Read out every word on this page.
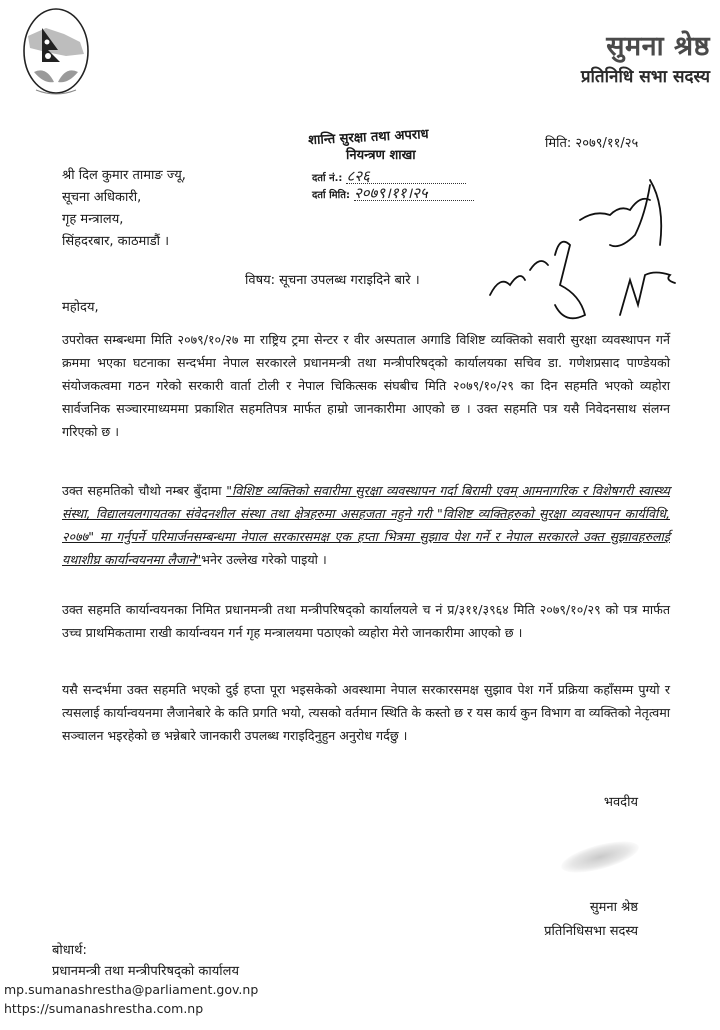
सुमना श्रेष्ठ
प्रतिनिधि सभा सदस्य
शान्ति सुरक्षा तथा अपराध
नियन्त्रण शाखा
दर्ता नं.: ८२६
दर्ता मिति: २०७९।११।२५
मिति: २०७९/११/२५
श्री दिल कुमार तामाङ ज्यू,
सूचना अधिकारी,
गृह मन्त्रालय,
सिंहदरबार, काठमाडौं ।
विषय: सूचना उपलब्ध गराइदिने बारे ।
महोदय,
उपरोक्त सम्बन्धमा मिति २०७९/१०/२७ मा राष्ट्रिय ट्रमा सेन्टर र वीर अस्पताल अगाडि विशिष्ट व्यक्तिको सवारी सुरक्षा व्यवस्थापन गर्ने क्रममा भएका घटनाका सन्दर्भमा नेपाल सरकारले प्रधानमन्त्री तथा मन्त्रीपरिषद्को कार्यालयका सचिव डा. गणेशप्रसाद पाण्डेयको संयोजकत्वमा गठन गरेको सरकारी वार्ता टोली र नेपाल चिकित्सक संघबीच मिति २०७९/१०/२९ का दिन सहमति भएको व्यहोरा सार्वजनिक सञ्चारमाध्यममा प्रकाशित सहमतिपत्र मार्फत हाम्रो जानकारीमा आएको छ । उक्त सहमति पत्र यसै निवेदनसाथ संलग्न गरिएको छ ।
उक्त सहमतिको चौथो नम्बर बुँदामा "विशिष्ट व्यक्तिको सवारीमा सुरक्षा व्यवस्थापन गर्दा बिरामी एवम् आमनागरिक र विशेषगरी स्वास्थ्य संस्था, विद्यालयलगायतका संवेदनशील संस्था तथा क्षेत्रहरुमा असहजता नहुने गरी "विशिष्ट व्यक्तिहरुको सुरक्षा व्यवस्थापन कार्यविधि, २०७७" मा गर्नुपर्ने परिमार्जनसम्बन्धमा नेपाल सरकारसमक्ष एक हप्ता भित्रमा सुझाव पेश गर्ने र नेपाल सरकारले उक्त सुझावहरुलाई यथाशीघ्र कार्यान्वयनमा लैजाने"भनेर उल्लेख गरेको पाइयो ।
उक्त सहमति कार्यान्वयनका निमित प्रधानमन्त्री तथा मन्त्रीपरिषद्को कार्यालयले च नं प्र/३११/३९६४ मिति २०७९/१०/२९ को पत्र मार्फत उच्च प्राथमिकतामा राखी कार्यान्वयन गर्न गृह मन्त्रालयमा पठाएको व्यहोरा मेरो जानकारीमा आएको छ ।
यसै सन्दर्भमा उक्त सहमति भएको दुई हप्ता पूरा भइसकेको अवस्थामा नेपाल सरकारसमक्ष सुझाव पेश गर्ने प्रक्रिया कहाँसम्म पुग्यो र त्यसलाई कार्यान्वयनमा लैजानेबारे के कति प्रगति भयो, त्यसको वर्तमान स्थिति के कस्तो छ र यस कार्य कुन विभाग वा व्यक्तिको नेतृत्वमा सञ्चालन भइरहेको छ भन्नेबारे जानकारी उपलब्ध गराइदिनुहुन अनुरोध गर्दछु ।
भवदीय
सुमना श्रेष्ठ
प्रतिनिधिसभा सदस्य
बोधार्थ:
प्रधानमन्त्री तथा मन्त्रीपरिषद्को कार्यालय
mp.sumanashrestha@parliament.gov.np
https://sumanashrestha.com.np
